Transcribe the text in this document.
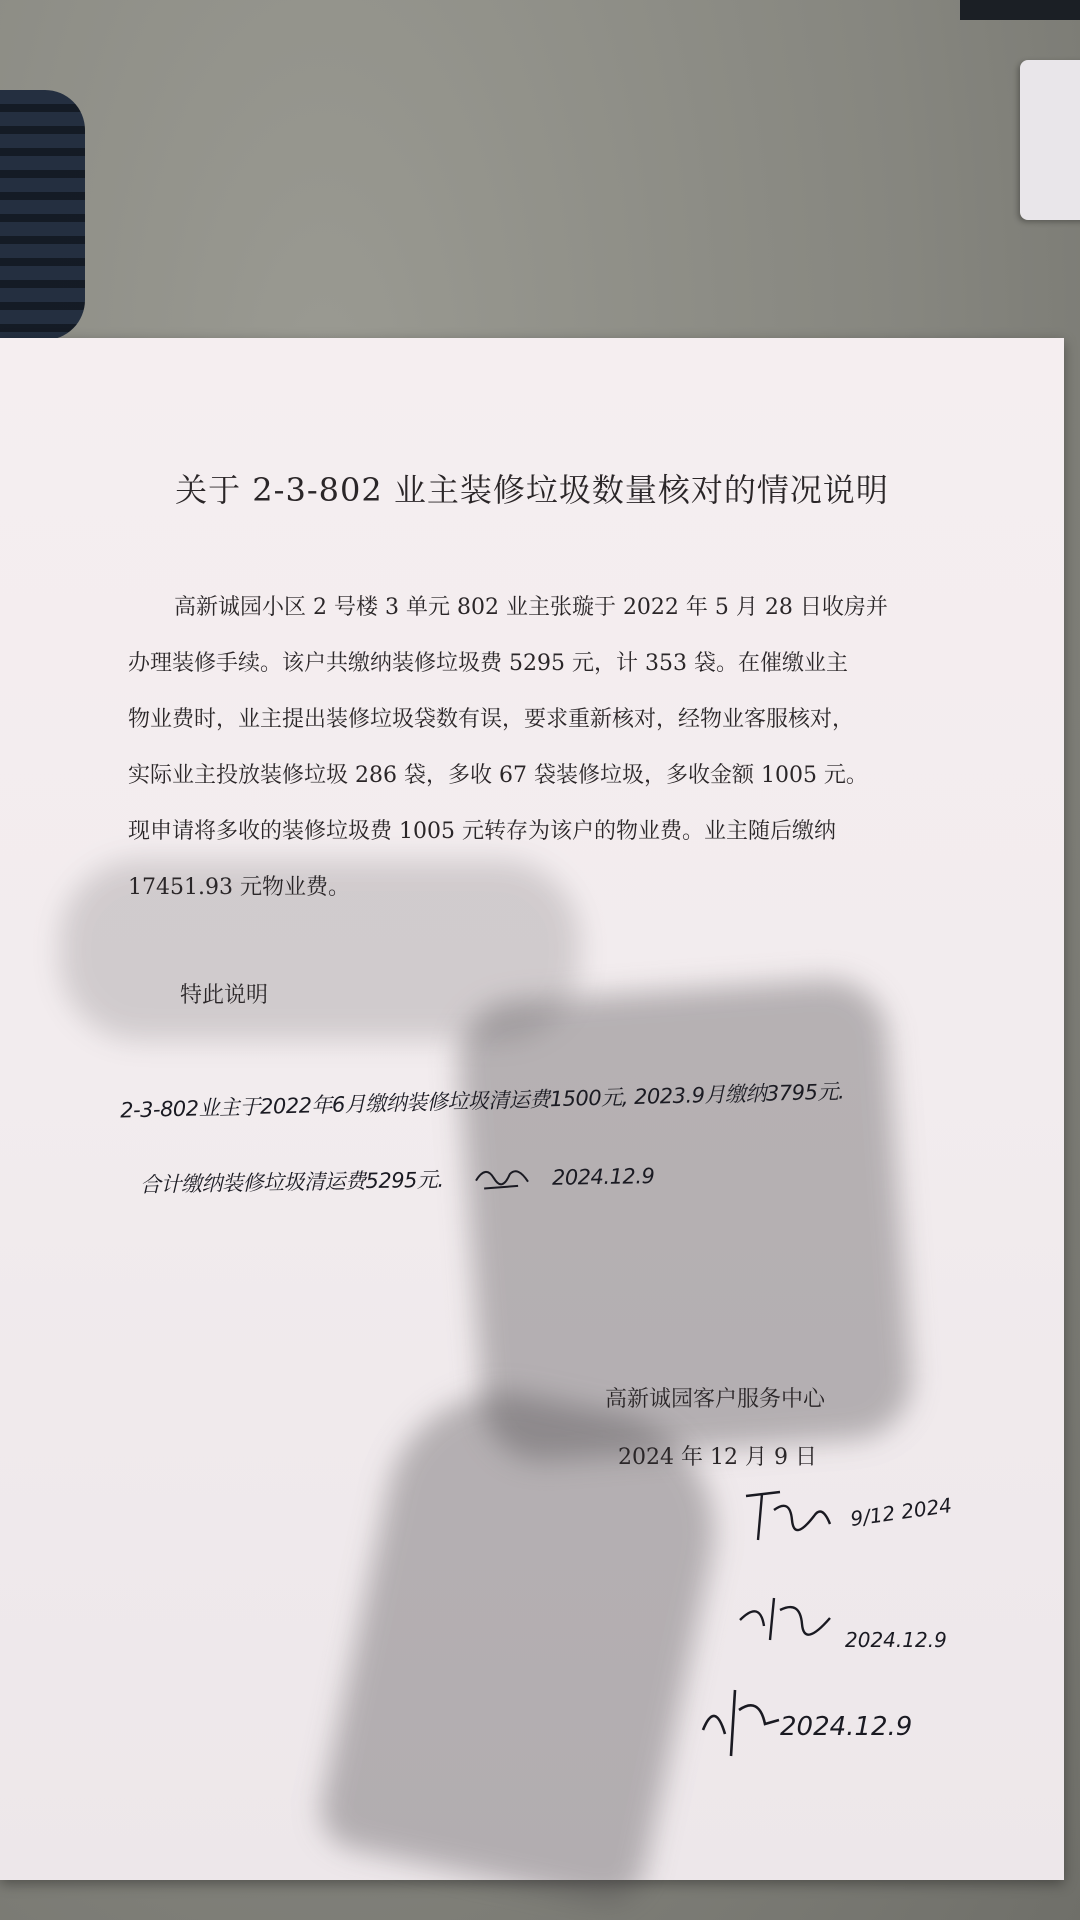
关于 2-3-802 业主装修垃圾数量核对的情况说明

高新诚园小区 2 号楼 3 单元 802 业主张璇于 2022 年 5 月 28 日收房并

办理装修手续。该户共缴纳装修垃圾费 5295 元，计 353 袋。在催缴业主

物业费时，业主提出装修垃圾袋数有误，要求重新核对，经物业客服核对，

实际业主投放装修垃圾 286 袋，多收 67 袋装修垃圾，多收金额 1005 元。

现申请将多收的装修垃圾费 1005 元转存为该户的物业费。业主随后缴纳

17451.93 元物业费。

特此说明
2-3-802业主于2022年6月缴纳装修垃圾清运费1500元, 2023.9月缴纳3795元.
合计缴纳装修垃圾清运费5295元.	2024.12.9
高新诚园客户服务中心
2024 年 12 月 9 日
9/12 2024
2024.12.9
2024.12.9
